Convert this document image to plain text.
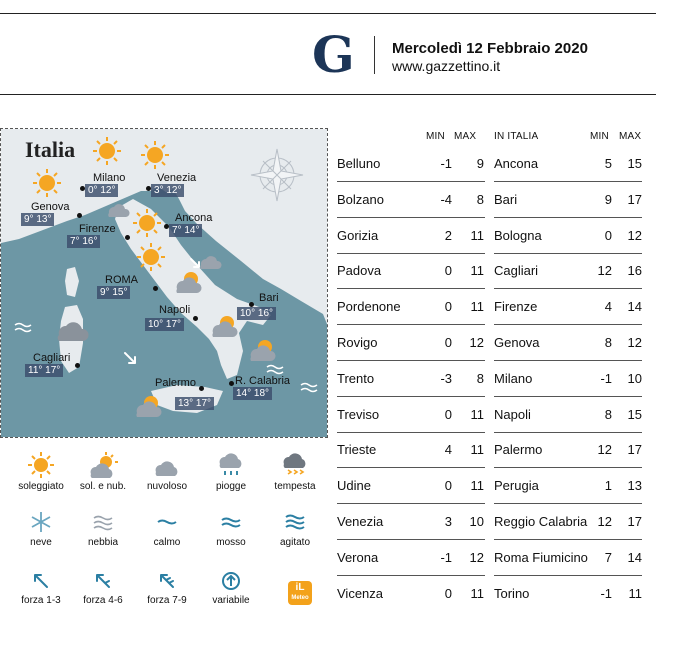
G Mercoledì 12 Febbraio 2020
www.gazzettino.it
Italia
Milano
0° 12°
Venezia
3° 12°
Genova
9° 13°
Firenze
7° 16°
Ancona
7° 14°
ROMA
9° 15°	Bari
10° 16°
Napoli
10° 17°
Cagliari
11° 17°
Palermo
13° 17°
R. Calabria
14° 18°
MIN MAX IN ITALIA	MIN MAX
Belluno	-1	9
Bolzano	-4	8
Gorizia	2	11
Padova	0	11
Pordenone	0	11
Rovigo	0	12
Trento	-3	8
Treviso	0	11
Trieste	4	11
Udine	0	11
Venezia	3	10
Verona	-1	12
Vicenza	0	11
Ancona	5	15
Bari	9	17
Bologna	0	12
Cagliari	12	16
Firenze	4	14
Genova	8	12
Milano	-1	10
Napoli	8	15
Palermo	12	17
Perugia	1	13
Reggio Calabria 12	17
Roma Fiumicino	7	14
Torino	-1	11
soleggiato	sol. e nub.	nuvoloso	piogge	tempesta
neve	nebbia	calmo	mosso	agitato
forza 1-3	forza 4-6	forza 7-9	variabile
iL
Meteo
